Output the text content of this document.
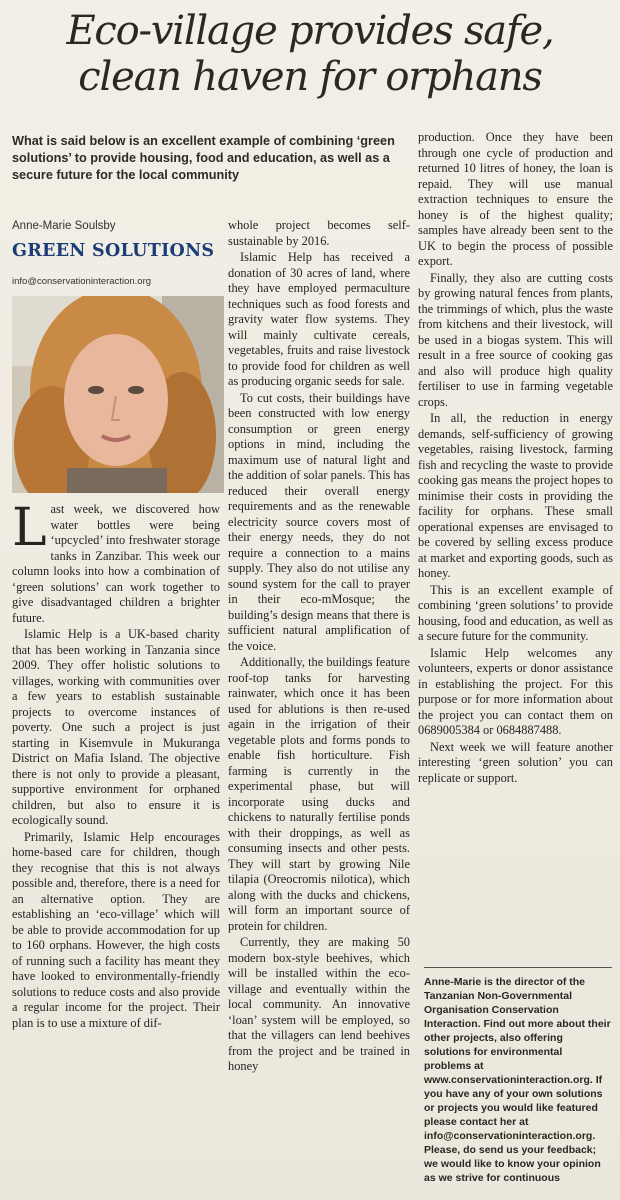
Eco-village provides safe,
clean haven for orphans

What is said below is an excellent example of combining ‘green solutions’ to provide housing, food and education, as well as a secure future for the local community

Anne-Marie Soulsby
GREEN SOLUTIONS
info@conservationinteraction.org

Last week, we discovered how water bottles were being ‘upcycled’ into freshwater storage tanks in Zanzibar. This week our column looks into how a combination of ‘green solutions’ can work together to give disadvantaged children a brighter future.

Islamic Help is a UK-based charity that has been working in Tanzania since 2009. They offer holistic solutions to villages, working with communities over a few years to establish sustainable projects to overcome instances of poverty. One such a project is just starting in Kisemvule in Mukuranga District on Mafia Island. The objective there is not only to provide a pleasant, supportive environment for orphaned children, but also to ensure it is ecologically sound.

Primarily, Islamic Help encourages home-based care for children, though they recognise that this is not always possible and, therefore, there is a need for an alternative option. They are establishing an ‘eco-village’ which will be able to provide accommodation for up to 160 orphans. However, the high costs of running such a facility has meant they have looked to environmentally-friendly solutions to reduce costs and also provide a regular income for the project. Their plan is to use a mixture of dif-

whole project becomes self-sustainable by 2016.

Islamic Help has received a donation of 30 acres of land, where they have employed permaculture techniques such as food forests and gravity water flow systems. They will mainly cultivate cereals, vegetables, fruits and raise livestock to provide food for children as well as producing organic seeds for sale.

To cut costs, their buildings have been constructed with low energy consumption or green energy options in mind, including the maximum use of natural light and the addition of solar panels. This has reduced their overall energy requirements and as the renewable electricity source covers most of their energy needs, they do not require a connection to a mains supply. They also do not utilise any sound system for the call to prayer in their eco-mMosque; the building’s design means that there is sufficient natural amplification of the voice.

Additionally, the buildings feature roof-top tanks for harvesting rainwater, which once it has been used for ablutions is then re-used again in the irrigation of their vegetable plots and forms ponds to enable fish horticulture. Fish farming is currently in the experimental phase, but will incorporate using ducks and chickens to naturally fertilise ponds with their droppings, as well as consuming insects and other pests. They will start by growing Nile tilapia (Oreocromis nilotica), which along with the ducks and chickens, will form an important source of protein for children.

Currently, they are making 50 modern box-style beehives, which will be installed within the eco-village and eventually within the local community. An innovative ‘loan’ system will be employed, so that the villagers can lend beehives from the project and be trained in honey

production. Once they have been through one cycle of production and returned 10 litres of honey, the loan is repaid. They will use manual extraction techniques to ensure the honey is of the highest quality; samples have already been sent to the UK to begin the process of possible export.

Finally, they also are cutting costs by growing natural fences from plants, the trimmings of which, plus the waste from kitchens and their livestock, will be used in a biogas system. This will result in a free source of cooking gas and also will produce high quality fertiliser to use in farming vegetable crops.

In all, the reduction in energy demands, self-sufficiency of growing vegetables, raising livestock, farming fish and recycling the waste to provide cooking gas means the project hopes to minimise their costs in providing the facility for orphans. These small operational expenses are envisaged to be covered by selling excess produce at market and exporting goods, such as honey.

This is an excellent example of combining ‘green solutions’ to provide housing, food and education, as well as a secure future for the community.

Islamic Help welcomes any volunteers, experts or donor assistance in establishing the project. For this purpose or for more information about the project you can contact them on 0689005384 or 0684887488.

Next week we will feature another interesting ‘green solution’ you can replicate or support.

Anne-Marie is the director of the Tanzanian Non-Governmental Organisation Conservation Interaction. Find out more about their other projects, also offering solutions for environmental problems at www.conservationinteraction.org. If you have any of your own solutions or projects you would like featured please contact her at info@conservationinteraction.org. Please, do send us your feedback; we would like to know your opinion as we strive for continuous
